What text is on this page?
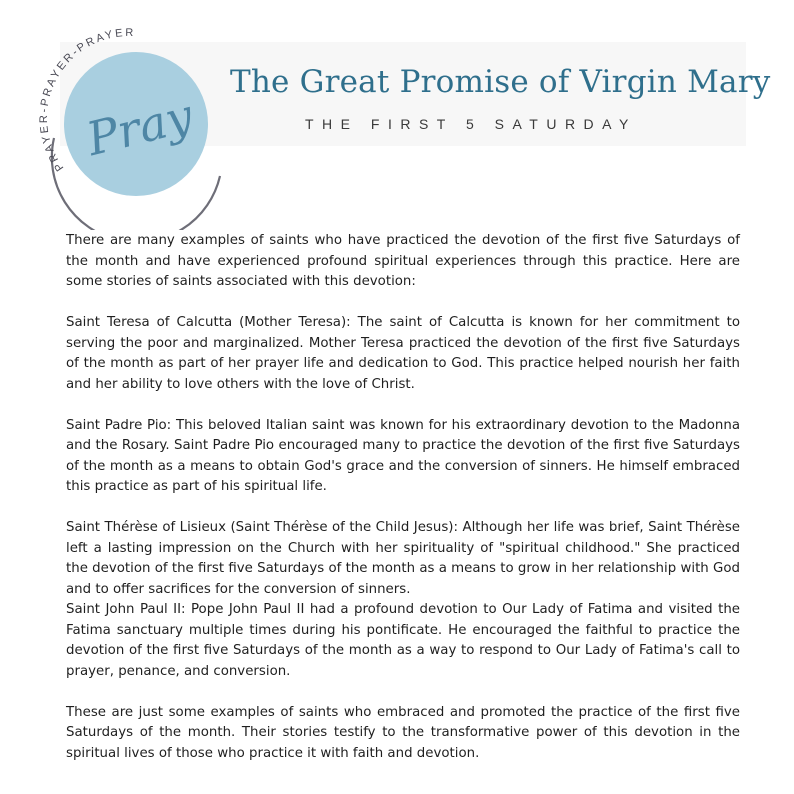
PRAYER-PRAYER-PRAYER
Pray
The Great Promise of Virgin Mary
THE FIRST 5 SATURDAY

There are many examples of saints who have practiced the devotion of the first five Saturdays of the month and have experienced profound spiritual experiences through this practice. Here are some stories of saints associated with this devotion:

Saint Teresa of Calcutta (Mother Teresa): The saint of Calcutta is known for her commitment to serving the poor and marginalized. Mother Teresa practiced the devotion of the first five Saturdays of the month as part of her prayer life and dedication to God. This practice helped nourish her faith and her ability to love others with the love of Christ.

Saint Padre Pio: This beloved Italian saint was known for his extraordinary devotion to the Madonna and the Rosary. Saint Padre Pio encouraged many to practice the devotion of the first five Saturdays of the month as a means to obtain God's grace and the conversion of sinners. He himself embraced this practice as part of his spiritual life.

Saint Thérèse of Lisieux (Saint Thérèse of the Child Jesus): Although her life was brief, Saint Thérèse left a lasting impression on the Church with her spirituality of "spiritual childhood." She practiced the devotion of the first five Saturdays of the month as a means to grow in her relationship with God and to offer sacrifices for the conversion of sinners.

Saint John Paul II: Pope John Paul II had a profound devotion to Our Lady of Fatima and visited the Fatima sanctuary multiple times during his pontificate. He encouraged the faithful to practice the devotion of the first five Saturdays of the month as a way to respond to Our Lady of Fatima's call to prayer, penance, and conversion.

These are just some examples of saints who embraced and promoted the practice of the first five Saturdays of the month. Their stories testify to the transformative power of this devotion in the spiritual lives of those who practice it with faith and devotion.
